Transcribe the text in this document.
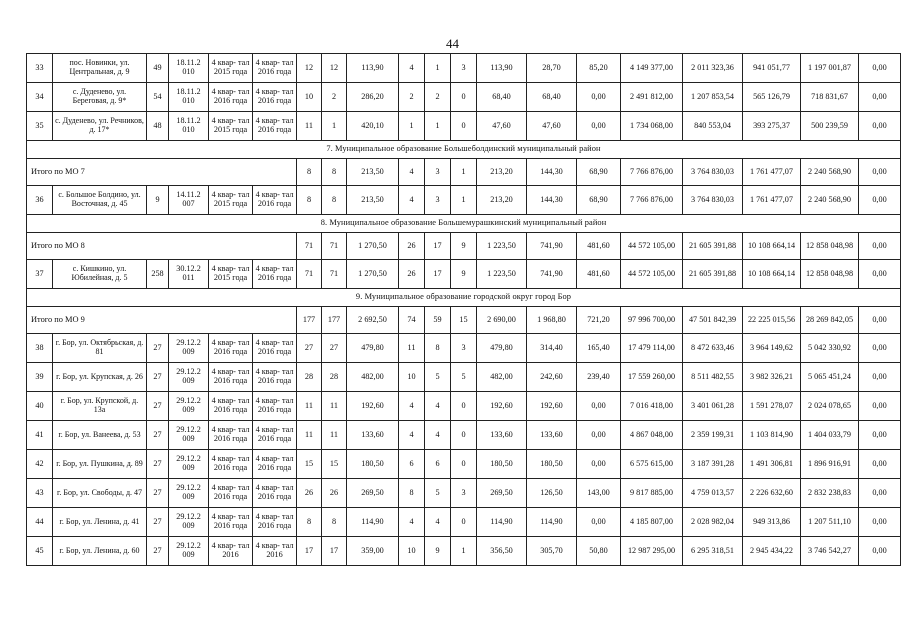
44
33	пос. Новинки, ул. Центральная, д. 9	49	18.11.2 010	4 квар- тал 2015 года	4 квар- тал 2016 года	12	12	113,90	4	1	3	113,90	28,70	85,20	4 149 377,00	2 011 323,36	941 051,77	1 197 001,87	0,00
34	с. Дуденево, ул. Береговая, д. 9*	54	18.11.2 010	4 квар- тал 2016 года	4 квар- тал 2016 года	10	2	286,20	2	2	0	68,40	68,40	0,00	2 491 812,00	1 207 853,54	565 126,79	718 831,67	0,00
35	с. Дуденево, ул. Речников, д. 17*	48	18.11.2 010	4 квар- тал 2015 года	4 квар- тал 2016 года	11	1	420,10	1	1	0	47,60	47,60	0,00	1 734 068,00	840 553,04	393 275,37	500 239,59	0,00
7. Муниципальное образование Большеболдинский муниципальный район																			
Итого по МО 7						8	8	213,50	4	3	1	213,20	144,30	68,90	7 766 876,00	3 764 830,03	1 761 477,07	2 240 568,90	0,00
36	с. Большое Болдино, ул. Восточная, д. 45	9	14.11.2 007	4 квар- тал 2015 года	4 квар- тал 2016 года	8	8	213,50	4	3	1	213,20	144,30	68,90	7 766 876,00	3 764 830,03	1 761 477,07	2 240 568,90	0,00
8. Муниципальное образование Большемурашкинский муниципальный район																			
Итого по МО 8						71	71	1 270,50	26	17	9	1 223,50	741,90	481,60	44 572 105,00	21 605 391,88	10 108 664,14	12 858 048,98	0,00
37	с. Кишкино, ул. Юбилейная, д. 5	258	30.12.2 011	4 квар- тал 2015 года	4 квар- тал 2016 года	71	71	1 270,50	26	17	9	1 223,50	741,90	481,60	44 572 105,00	21 605 391,88	10 108 664,14	12 858 048,98	0,00
9. Муниципальное образование городской округ город Бор																			
Итого по МО 9						177	177	2 692,50	74	59	15	2 690,00	1 968,80	721,20	97 996 700,00	47 501 842,39	22 225 015,56	28 269 842,05	0,00
38	г. Бор, ул. Октябрьская, д. 81	27	29.12.2 009	4 квар- тал 2016 года	4 квар- тал 2016 года	27	27	479,80	11	8	3	479,80	314,40	165,40	17 479 114,00	8 472 633,46	3 964 149,62	5 042 330,92	0,00
39	г. Бор, ул. Крупская, д. 26	27	29.12.2 009	4 квар- тал 2016 года	4 квар- тал 2016 года	28	28	482,00	10	5	5	482,00	242,60	239,40	17 559 260,00	8 511 482,55	3 982 326,21	5 065 451,24	0,00
40	г. Бор, ул. Крупской, д. 13а	27	29.12.2 009	4 квар- тал 2016 года	4 квар- тал 2016 года	11	11	192,60	4	4	0	192,60	192,60	0,00	7 016 418,00	3 401 061,28	1 591 278,07	2 024 078,65	0,00
41	г. Бор, ул. Ванеева, д. 53	27	29.12.2 009	4 квар- тал 2016 года	4 квар- тал 2016 года	11	11	133,60	4	4	0	133,60	133,60	0,00	4 867 048,00	2 359 199,31	1 103 814,90	1 404 033,79	0,00
42	г. Бор, ул. Пушкина, д. 89	27	29.12.2 009	4 квар- тал 2016 года	4 квар- тал 2016 года	15	15	180,50	6	6	0	180,50	180,50	0,00	6 575 615,00	3 187 391,28	1 491 306,81	1 896 916,91	0,00
43	г. Бор, ул. Свободы, д. 47	27	29.12.2 009	4 квар- тал 2016 года	4 квар- тал 2016 года	26	26	269,50	8	5	3	269,50	126,50	143,00	9 817 885,00	4 759 013,57	2 226 632,60	2 832 238,83	0,00
44	г. Бор, ул. Ленина, д. 41	27	29.12.2 009	4 квар- тал 2016 года	4 квар- тал 2016 года	8	8	114,90	4	4	0	114,90	114,90	0,00	4 185 807,00	2 028 982,04	949 313,86	1 207 511,10	0,00
45	г. Бор, ул. Ленина, д. 60	27	29.12.2 009	4 квар- тал 2016	4 квар- тал 2016	17	17	359,00	10	9	1	356,50	305,70	50,80	12 987 295,00	6 295 318,51	2 945 434,22	3 746 542,27	0,00
